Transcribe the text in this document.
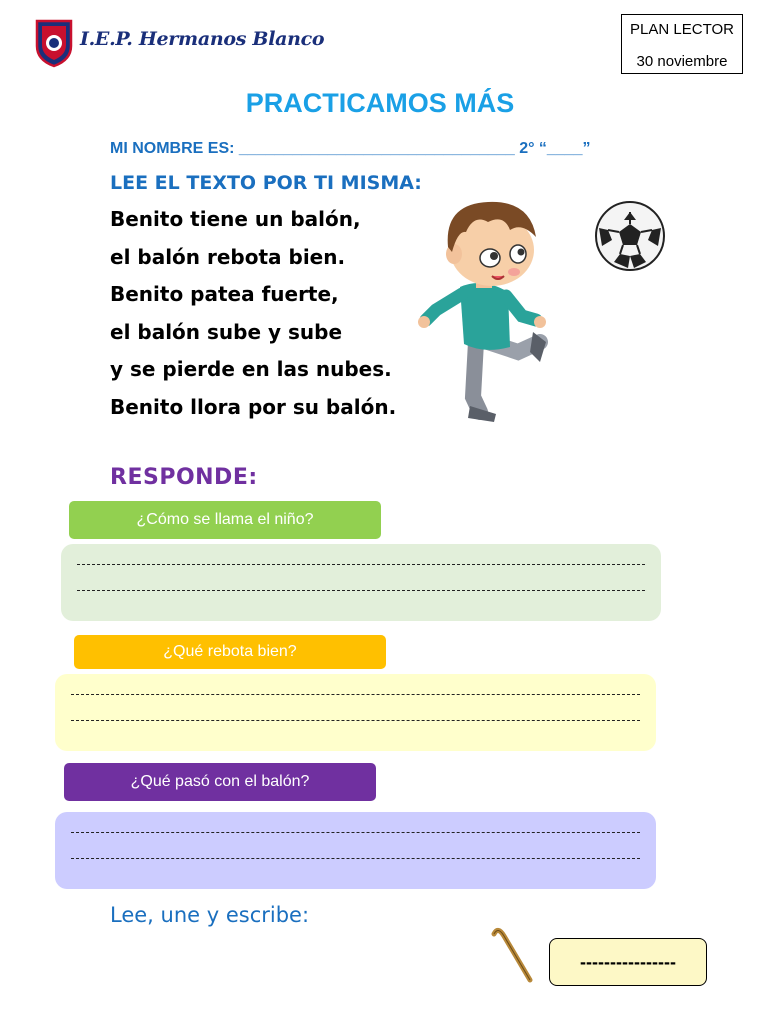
I.E.P. Hermanos Blanco	PLAN LECTOR
30 noviembre
PRACTICAMOS MÁS
MI NOMBRE ES: _______________________________ 2° “____”
LEE EL TEXTO POR TI MISMA:
Benito tiene un balón,
el balón rebota bien.
Benito patea fuerte,
el balón sube y sube
y se pierde en las nubes.
Benito llora por su balón.
RESPONDE:
¿Cómo se llama el niño?
¿Qué rebota bien?
¿Qué pasó con el balón?
Lee, une y escribe:
----------------
